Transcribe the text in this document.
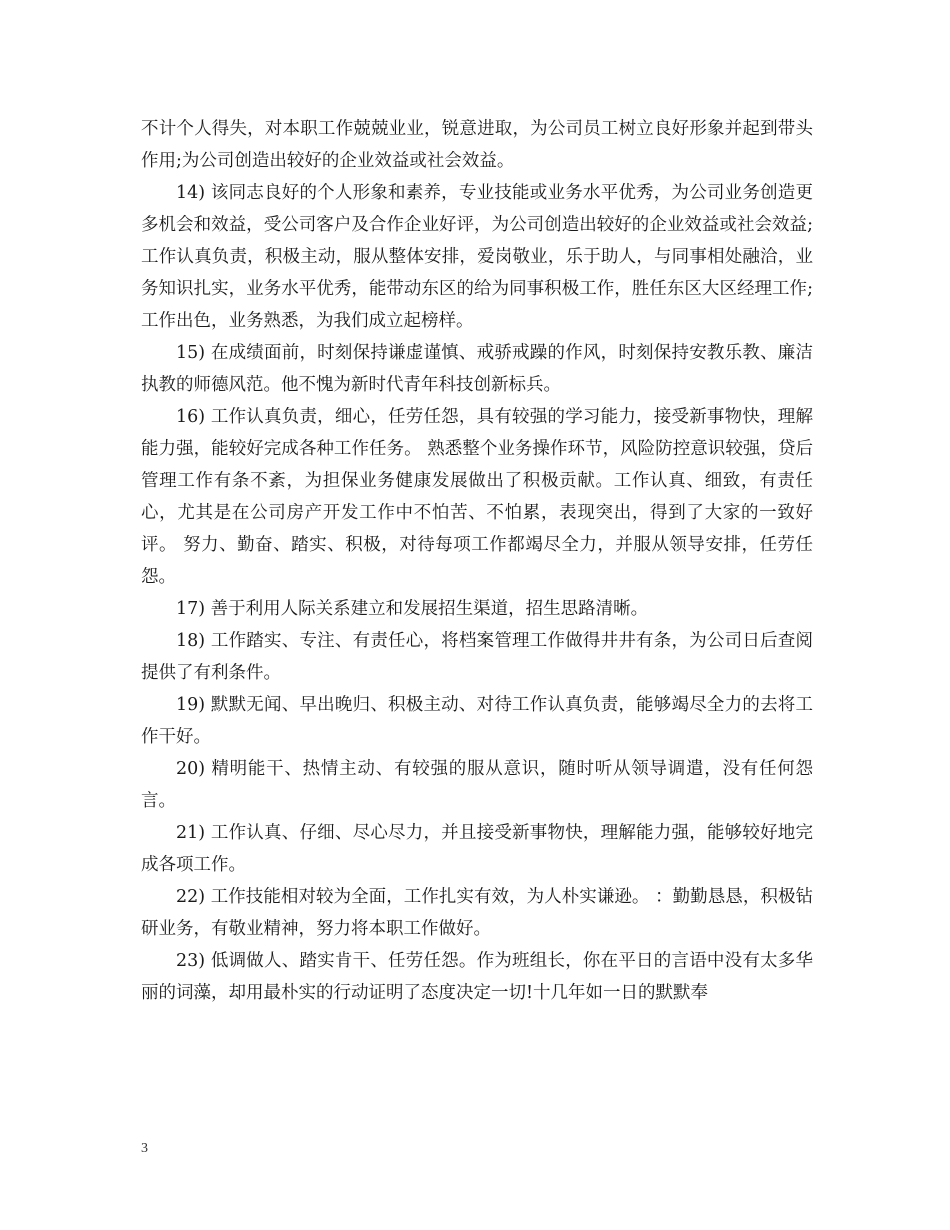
不计个人得失，对本职工作兢兢业业，锐意进取，为公司员工树立良好形象并起到带头作用;为公司创造出较好的企业效益或社会效益。

14) 该同志良好的个人形象和素养，专业技能或业务水平优秀，为公司业务创造更多机会和效益，受公司客户及合作企业好评，为公司创造出较好的企业效益或社会效益;工作认真负责，积极主动，服从整体安排，爱岗敬业，乐于助人，与同事相处融洽，业务知识扎实，业务水平优秀，能带动东区的给为同事积极工作，胜任东区大区经理工作;工作出色，业务熟悉，为我们成立起榜样。

15) 在成绩面前，时刻保持谦虚谨慎、戒骄戒躁的作风，时刻保持安教乐教、廉洁执教的师德风范。他不愧为新时代青年科技创新标兵。

16) 工作认真负责，细心，任劳任怨，具有较强的学习能力，接受新事物快，理解能力强，能较好完成各种工作任务。 熟悉整个业务操作环节，风险防控意识较强，贷后管理工作有条不紊，为担保业务健康发展做出了积极贡献。工作认真、细致，有责任心，尤其是在公司房产开发工作中不怕苦、不怕累，表现突出，得到了大家的一致好评。 努力、勤奋、踏实、积极，对待每项工作都竭尽全力，并服从领导安排，任劳任怨。

17) 善于利用人际关系建立和发展招生渠道，招生思路清晰。

18) 工作踏实、专注、有责任心，将档案管理工作做得井井有条，为公司日后查阅提供了有利条件。

19) 默默无闻、早出晚归、积极主动、对待工作认真负责，能够竭尽全力的去将工作干好。

20) 精明能干、热情主动、有较强的服从意识，随时听从领导调遣，没有任何怨言。

21) 工作认真、仔细、尽心尽力，并且接受新事物快，理解能力强，能够较好地完成各项工作。

22) 工作技能相对较为全面，工作扎实有效，为人朴实谦逊。 ：勤勤恳恳，积极钻研业务，有敬业精神，努力将本职工作做好。

23) 低调做人、踏实肯干、任劳任怨。作为班组长，你在平日的言语中没有太多华丽的词藻，却用最朴实的行动证明了态度决定一切!十几年如一日的默默奉

3
